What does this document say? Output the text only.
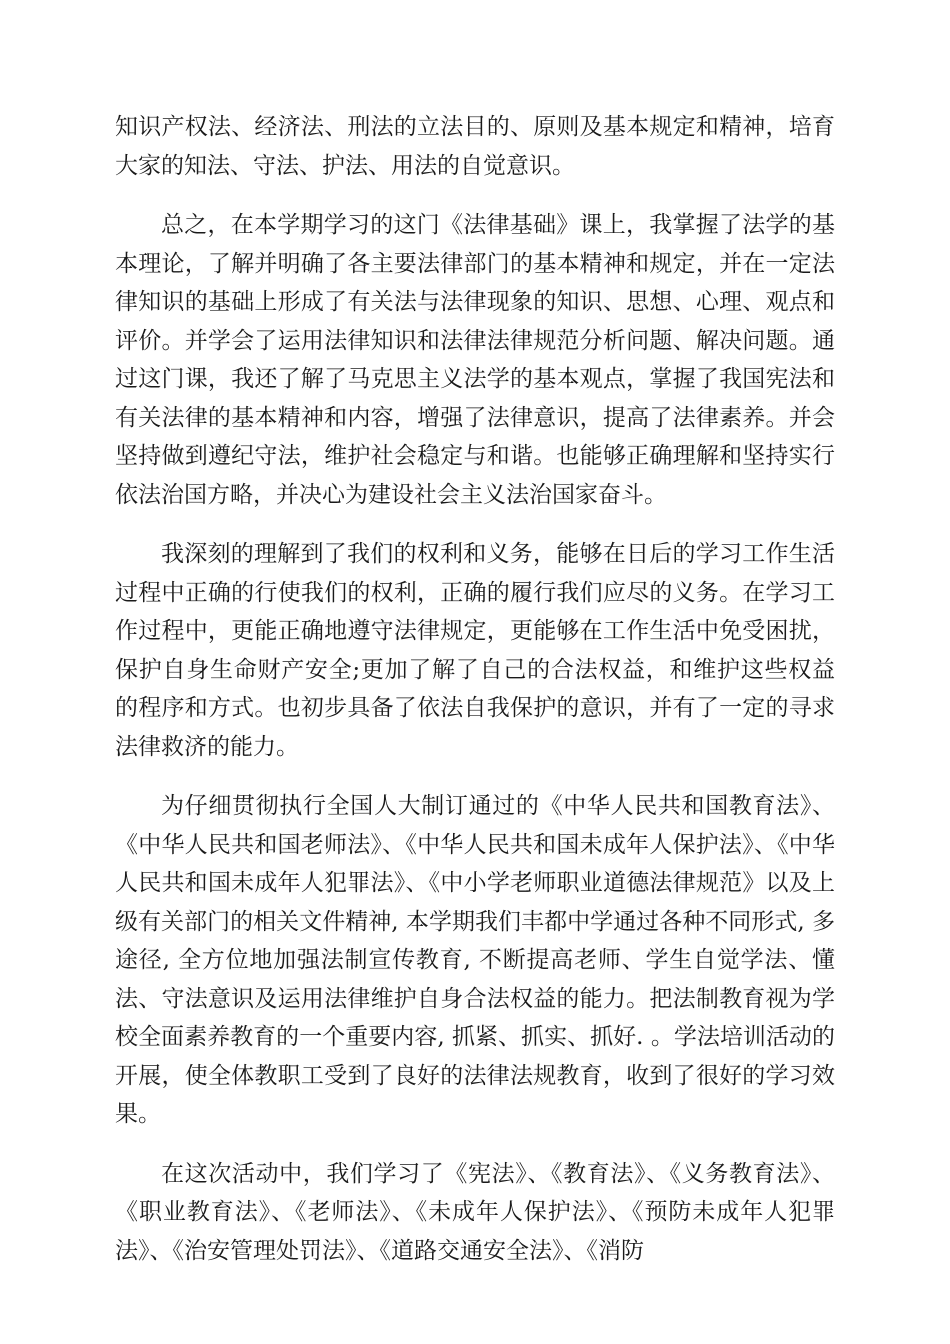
知识产权法、经济法、刑法的立法目的、原则及基本规定和精神，培育大家的知法、守法、护法、用法的自觉意识。

总之，在本学期学习的这门《法律基础》课上，我掌握了法学的基本理论，了解并明确了各主要法律部门的基本精神和规定，并在一定法律知识的基础上形成了有关法与法律现象的知识、思想、心理、观点和评价。并学会了运用法律知识和法律法律规范分析问题、解决问题。通过这门课，我还了解了马克思主义法学的基本观点，掌握了我国宪法和有关法律的基本精神和内容，增强了法律意识，提高了法律素养。并会坚持做到遵纪守法，维护社会稳定与和谐。也能够正确理解和坚持实行依法治国方略，并决心为建设社会主义法治国家奋斗。

我深刻的理解到了我们的权利和义务，能够在日后的学习工作生活过程中正确的行使我们的权利，正确的履行我们应尽的义务。在学习工作过程中，更能正确地遵守法律规定，更能够在工作生活中免受困扰，保护自身生命财产安全;更加了解了自己的合法权益，和维护这些权益的程序和方式。也初步具备了依法自我保护的意识，并有了一定的寻求法律救济的能力。

为仔细贯彻执行全国人大制订通过的《中华人民共和国教育法》、《中华人民共和国老师法》、《中华人民共和国未成年人保护法》、《中华人民共和国未成年人犯罪法》、《中小学老师职业道德法律规范》以及上级有关部门的相关文件精神, 本学期我们丰都中学通过各种不同形式, 多途径, 全方位地加强法制宣传教育, 不断提高老师、学生自觉学法、懂法、守法意识及运用法律维护自身合法权益的能力。把法制教育视为学校全面素养教育的一个重要内容, 抓紧、抓实、抓好. 。学法培训活动的开展，使全体教职工受到了良好的法律法规教育，收到了很好的学习效果。

在这次活动中，我们学习了《宪法》、《教育法》、《义务教育法》、《职业教育法》、《老师法》、《未成年人保护法》、《预防未成年人犯罪法》、《治安管理处罚法》、《道路交通安全法》、《消防
